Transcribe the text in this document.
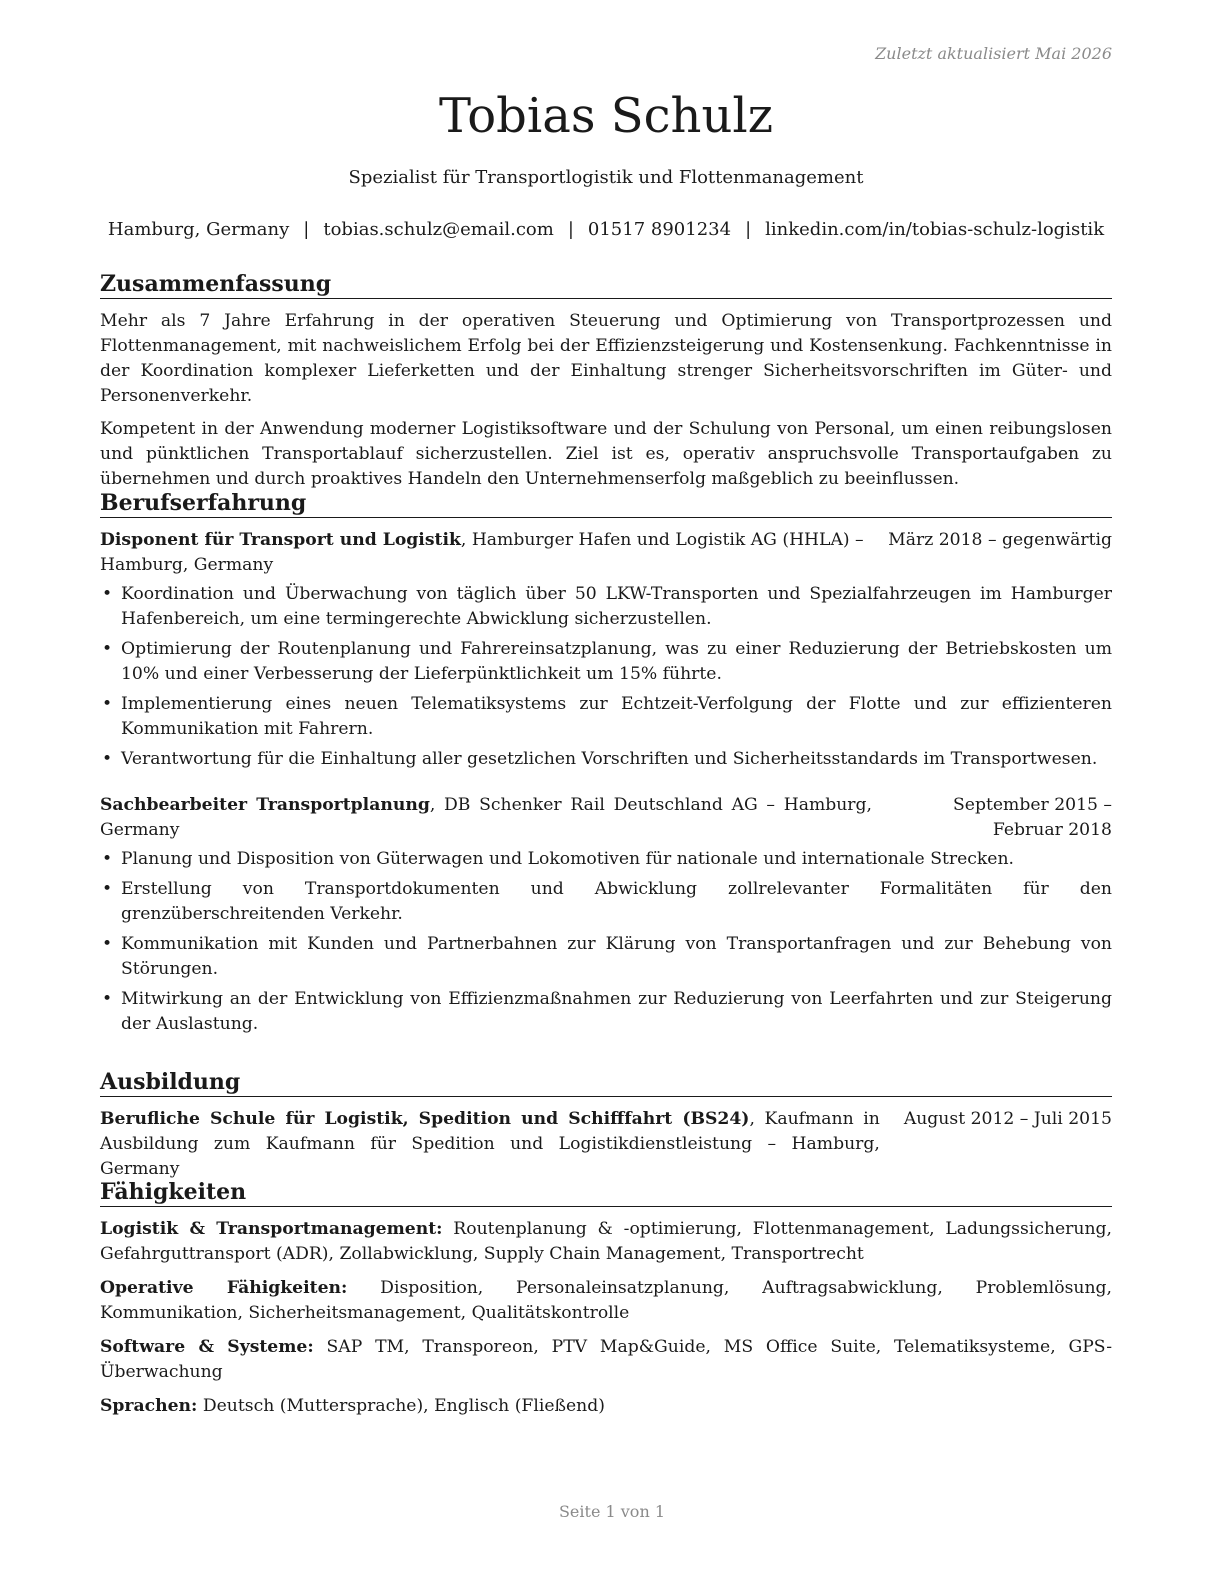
Zuletzt aktualisiert Mai 2026
Tobias Schulz
Spezialist für Transportlogistik und Flottenmanagement
Hamburg, Germany | tobias.schulz@email.com | 01517 8901234 | linkedin.com/in/tobias-schulz-logistik
Zusammenfassung

Mehr als 7 Jahre Erfahrung in der operativen Steuerung und Optimierung von Transportprozessen und Flottenmanagement, mit nachweislichem Erfolg bei der Effizienzsteigerung und Kostensenkung. Fachkenntnisse in der Koordination komplexer Lieferketten und der Einhaltung strenger Sicherheitsvorschriften im Güter- und Personenverkehr.

Kompetent in der Anwendung moderner Logistiksoftware und der Schulung von Personal, um einen reibungslosen und pünktlichen Transportablauf sicherzustellen. Ziel ist es, operativ anspruchsvolle Transportaufgaben zu übernehmen und durch proaktives Handeln den Unternehmenserfolg maßgeblich zu beeinflussen.

Berufserfahrung
Disponent für Transport und Logistik, Hamburger Hafen und Logistik AG (HHLA) –	März 2018 – gegenwärtig
Hamburg, Germany
• Koordination und Überwachung von täglich über 50 LKW-Transporten und Spezialfahrzeugen im Hamburger Hafenbereich, um eine termingerechte Abwicklung sicherzustellen.
• Optimierung der Routenplanung und Fahrereinsatzplanung, was zu einer Reduzierung der Betriebskosten um 10% und einer Verbesserung der Lieferpünktlichkeit um 15% führte.
• Implementierung eines neuen Telematiksystems zur Echtzeit-Verfolgung der Flotte und zur effizienteren Kommunikation mit Fahrern.
• Verantwortung für die Einhaltung aller gesetzlichen Vorschriften und Sicherheitsstandards im Transportwesen.
Sachbearbeiter Transportplanung, DB Schenker Rail Deutschland AG – Hamburg, Germany
September 2015 – Februar 2018
• Planung und Disposition von Güterwagen und Lokomotiven für nationale und internationale Strecken.
• Erstellung von Transportdokumenten und Abwicklung zollrelevanter Formalitäten für den grenzüberschreitenden Verkehr.
• Kommunikation mit Kunden und Partnerbahnen zur Klärung von Transportanfragen und zur Behebung von Störungen.
• Mitwirkung an der Entwicklung von Effizienzmaßnahmen zur Reduzierung von Leerfahrten und zur Steigerung der Auslastung.
Ausbildung
Berufliche Schule für Logistik, Spedition und Schifffahrt (BS24), Kaufmann in Ausbildung zum Kaufmann für Spedition und Logistikdienstleistung – Hamburg, Germany
August 2012 – Juli 2015
Fähigkeiten

Logistik & Transportmanagement: Routenplanung & -optimierung, Flottenmanagement, Ladungssicherung, Gefahrguttransport (ADR), Zollabwicklung, Supply Chain Management, Transportrecht

Operative Fähigkeiten: Disposition, Personaleinsatzplanung, Auftragsabwicklung, Problemlösung, Kommunikation, Sicherheitsmanagement, Qualitätskontrolle

Software & Systeme: SAP TM, Transporeon, PTV Map&Guide, MS Office Suite, Telematiksysteme, GPS-Überwachung

Sprachen: Deutsch (Muttersprache), Englisch (Fließend)

Seite 1 von 1
